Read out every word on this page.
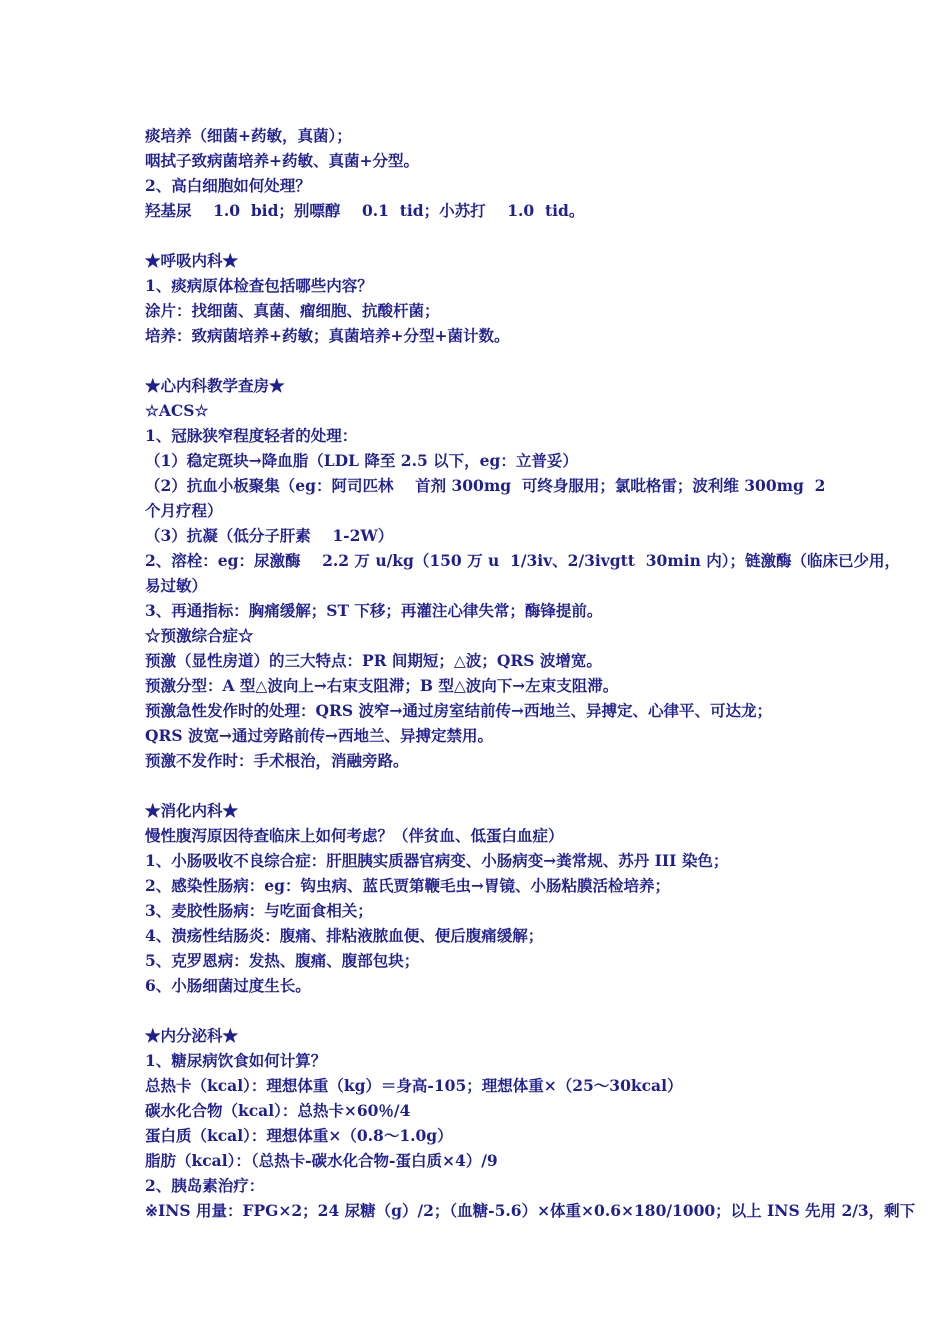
痰培养（细菌+药敏，真菌）；
咽拭子致病菌培养+药敏、真菌+分型。
2、高白细胞如何处理？
羟基尿    1.0  bid；别嘌醇    0.1  tid；小苏打    1.0  tid。
★呼吸内科★
1、痰病原体检查包括哪些内容？
涂片：找细菌、真菌、瘤细胞、抗酸杆菌；
培养：致病菌培养+药敏；真菌培养+分型+菌计数。
★心内科教学查房★
☆ACS☆
1、冠脉狭窄程度轻者的处理：
（1）稳定斑块→降血脂（LDL 降至 2.5 以下，eg：立普妥）
（2）抗血小板聚集（eg：阿司匹林    首剂 300mg  可终身服用；氯吡格雷；波利维 300mg  2
个月疗程）
（3）抗凝（低分子肝素    1-2W）
2、溶栓：eg：尿激酶    2.2 万 u/kg（150 万 u  1/3iv、2/3ivgtt  30min 内）；链激酶（临床已少用，
易过敏）
3、再通指标：胸痛缓解；ST 下移；再灌注心律失常；酶锋提前。
☆预激综合症☆
预激（显性房道）的三大特点：PR 间期短；△波；QRS 波增宽。
预激分型：A 型△波向上→右束支阻滞；B 型△波向下→左束支阻滞。
预激急性发作时的处理：QRS 波窄→通过房室结前传→西地兰、异搏定、心律平、可达龙；
QRS 波宽→通过旁路前传→西地兰、异搏定禁用。
预激不发作时：手术根治，消融旁路。
★消化内科★
慢性腹泻原因待查临床上如何考虑？（伴贫血、低蛋白血症）
1、小肠吸收不良综合症：肝胆胰实质器官病变、小肠病变→粪常规、苏丹 III 染色；
2、感染性肠病：eg：钩虫病、蓝氏贾第鞭毛虫→胃镜、小肠粘膜活检培养；
3、麦胶性肠病：与吃面食相关；
4、溃疡性结肠炎：腹痛、排粘液脓血便、便后腹痛缓解；
5、克罗恩病：发热、腹痛、腹部包块；
6、小肠细菌过度生长。
★内分泌科★
1、糖尿病饮食如何计算？
总热卡（kcal）：理想体重（kg）＝身高-105；理想体重×（25～30kcal）
碳水化合物（kcal）：总热卡×60％/4
蛋白质（kcal）：理想体重×（0.8～1.0g）
脂肪（kcal）：（总热卡-碳水化合物-蛋白质×4）/9
2、胰岛素治疗：
※INS 用量：FPG×2；24 尿糖（g）/2；（血糖-5.6）×体重×0.6×180/1000；以上 INS 先用 2/3，剩下
